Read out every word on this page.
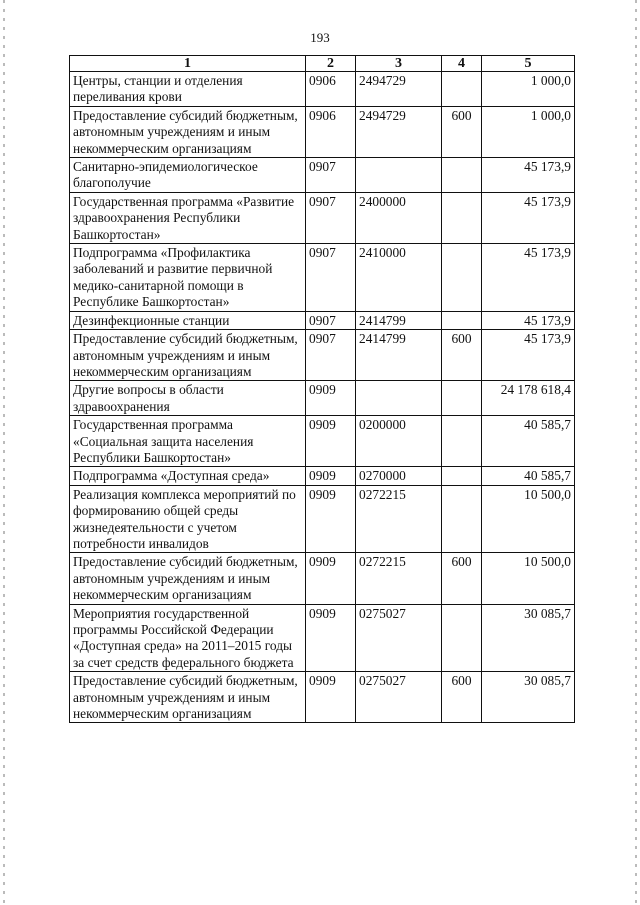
193
1	2	3	4	5
Центры, станции и отделения переливания крови	0906	2494729		1 000,0
Предоставление субсидий бюджетным, автономным учреждениям и иным некоммерческим организациям	0906	2494729	600	1 000,0
Санитарно-эпидемиологическое благополучие	0907			45 173,9
Государственная программа «Развитие здравоохранения Республики Башкортостан»	0907	2400000		45 173,9
Подпрограмма «Профилактика заболеваний и развитие первичной медико-санитарной помощи в Республике Башкортостан»	0907	2410000		45 173,9
Дезинфекционные станции	0907	2414799		45 173,9
Предоставление субсидий бюджетным, автономным учреждениям и иным некоммерческим организациям	0907	2414799	600	45 173,9
Другие вопросы в области здравоохранения	0909			24 178 618,4
Государственная программа «Социальная защита населения Республики Башкортостан»	0909	0200000		40 585,7
Подпрограмма «Доступная среда»	0909	0270000		40 585,7
Реализация комплекса мероприятий по формированию общей среды жизнедеятельности с учетом потребности инвалидов	0909	0272215		10 500,0
Предоставление субсидий бюджетным, автономным учреждениям и иным некоммерческим организациям	0909	0272215	600	10 500,0
Мероприятия государственной программы Российской Федерации «Доступная среда» на 2011–2015 годы за счет средств федерального бюджета	0909	0275027		30 085,7
Предоставление субсидий бюджетным, автономным учреждениям и иным некоммерческим организациям	0909	0275027	600	30 085,7
